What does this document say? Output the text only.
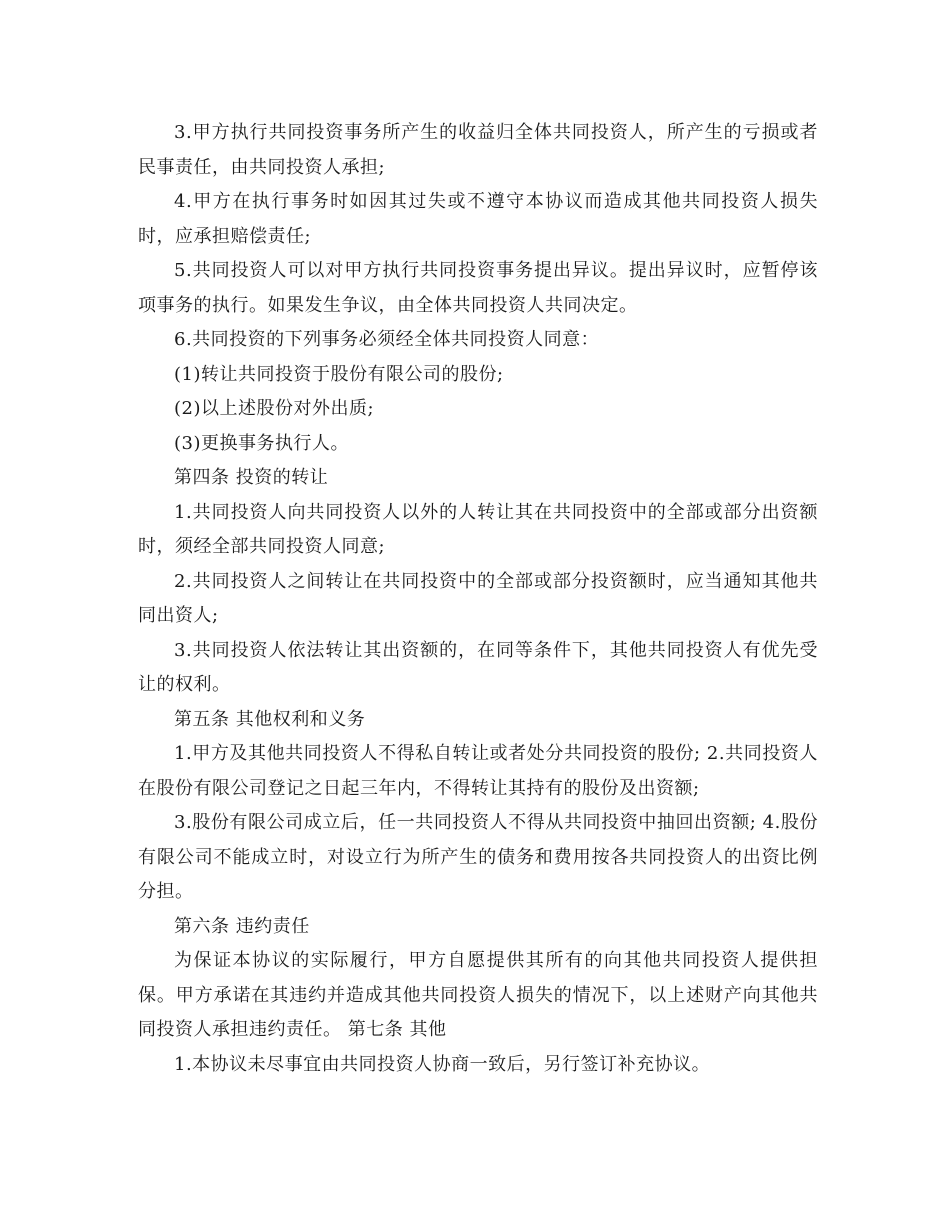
3.甲方执行共同投资事务所产生的收益归全体共同投资人，所产生的亏损或者民事责任，由共同投资人承担;

4.甲方在执行事务时如因其过失或不遵守本协议而造成其他共同投资人损失时，应承担赔偿责任;

5.共同投资人可以对甲方执行共同投资事务提出异议。提出异议时，应暂停该项事务的执行。如果发生争议，由全体共同投资人共同决定。

6.共同投资的下列事务必须经全体共同投资人同意：

(1)转让共同投资于股份有限公司的股份;

(2)以上述股份对外出质;

(3)更换事务执行人。

第四条 投资的转让

1.共同投资人向共同投资人以外的人转让其在共同投资中的全部或部分出资额时，须经全部共同投资人同意;

2.共同投资人之间转让在共同投资中的全部或部分投资额时，应当通知其他共同出资人;

3.共同投资人依法转让其出资额的，在同等条件下，其他共同投资人有优先受让的权利。

第五条 其他权利和义务

1.甲方及其他共同投资人不得私自转让或者处分共同投资的股份; 2.共同投资人在股份有限公司登记之日起三年内，不得转让其持有的股份及出资额;

3.股份有限公司成立后，任一共同投资人不得从共同投资中抽回出资额; 4.股份有限公司不能成立时，对设立行为所产生的债务和费用按各共同投资人的出资比例分担。

第六条 违约责任

为保证本协议的实际履行，甲方自愿提供其所有的向其他共同投资人提供担保。甲方承诺在其违约并造成其他共同投资人损失的情况下，以上述财产向其他共同投资人承担违约责任。 第七条 其他

1.本协议未尽事宜由共同投资人协商一致后，另行签订补充协议。
